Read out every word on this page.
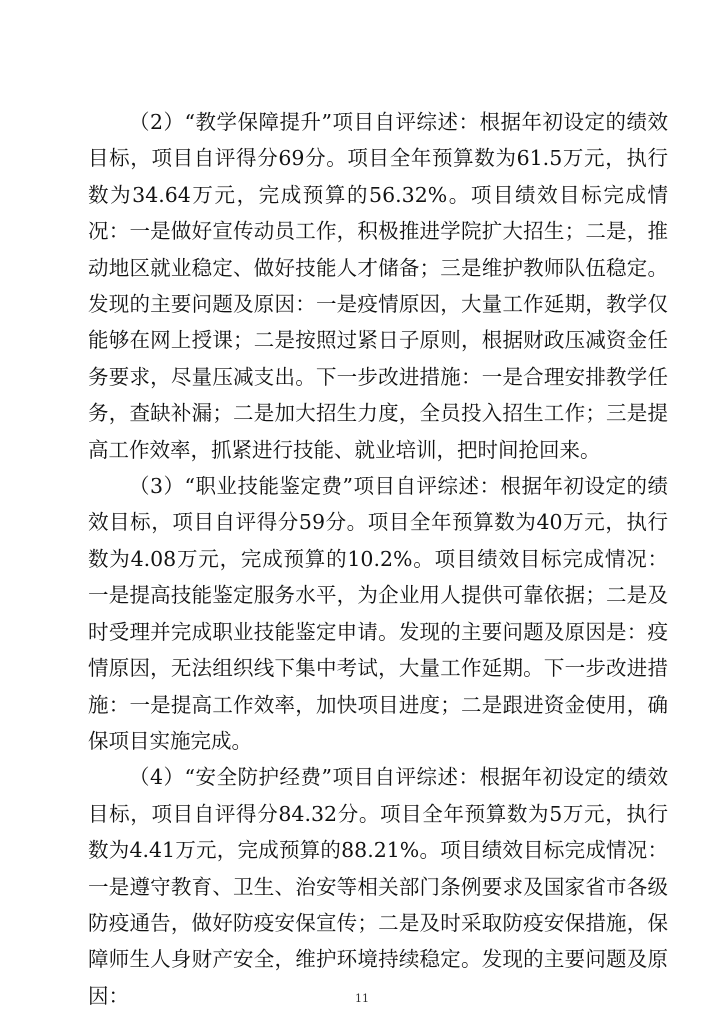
（2）“教学保障提升”项目自评综述：根据年初设定的绩效目标，项目自评得分69分。项目全年预算数为61.5万元，执行数为34.64万元，完成预算的56.32%。项目绩效目标完成情况：一是做好宣传动员工作，积极推进学院扩大招生；二是，推动地区就业稳定、做好技能人才储备；三是维护教师队伍稳定。发现的主要问题及原因：一是疫情原因，大量工作延期，教学仅能够在网上授课；二是按照过紧日子原则，根据财政压减资金任务要求，尽量压减支出。下一步改进措施：一是合理安排教学任务，查缺补漏；二是加大招生力度，全员投入招生工作；三是提高工作效率，抓紧进行技能、就业培训，把时间抢回来。

（3）“职业技能鉴定费”项目自评综述：根据年初设定的绩效目标，项目自评得分59分。项目全年预算数为40万元，执行数为4.08万元，完成预算的10.2%。项目绩效目标完成情况：一是提高技能鉴定服务水平，为企业用人提供可靠依据；二是及时受理并完成职业技能鉴定申请。发现的主要问题及原因是：疫情原因，无法组织线下集中考试，大量工作延期。下一步改进措施：一是提高工作效率，加快项目进度；二是跟进资金使用，确保项目实施完成。

（4）“安全防护经费”项目自评综述：根据年初设定的绩效目标，项目自评得分84.32分。项目全年预算数为5万元，执行数为4.41万元，完成预算的88.21%。项目绩效目标完成情况：一是遵守教育、卫生、治安等相关部门条例要求及国家省市各级防疫通告，做好防疫安保宣传；二是及时采取防疫安保措施，保障师生人身财产安全，维护环境持续稳定。发现的主要问题及原因：	11
